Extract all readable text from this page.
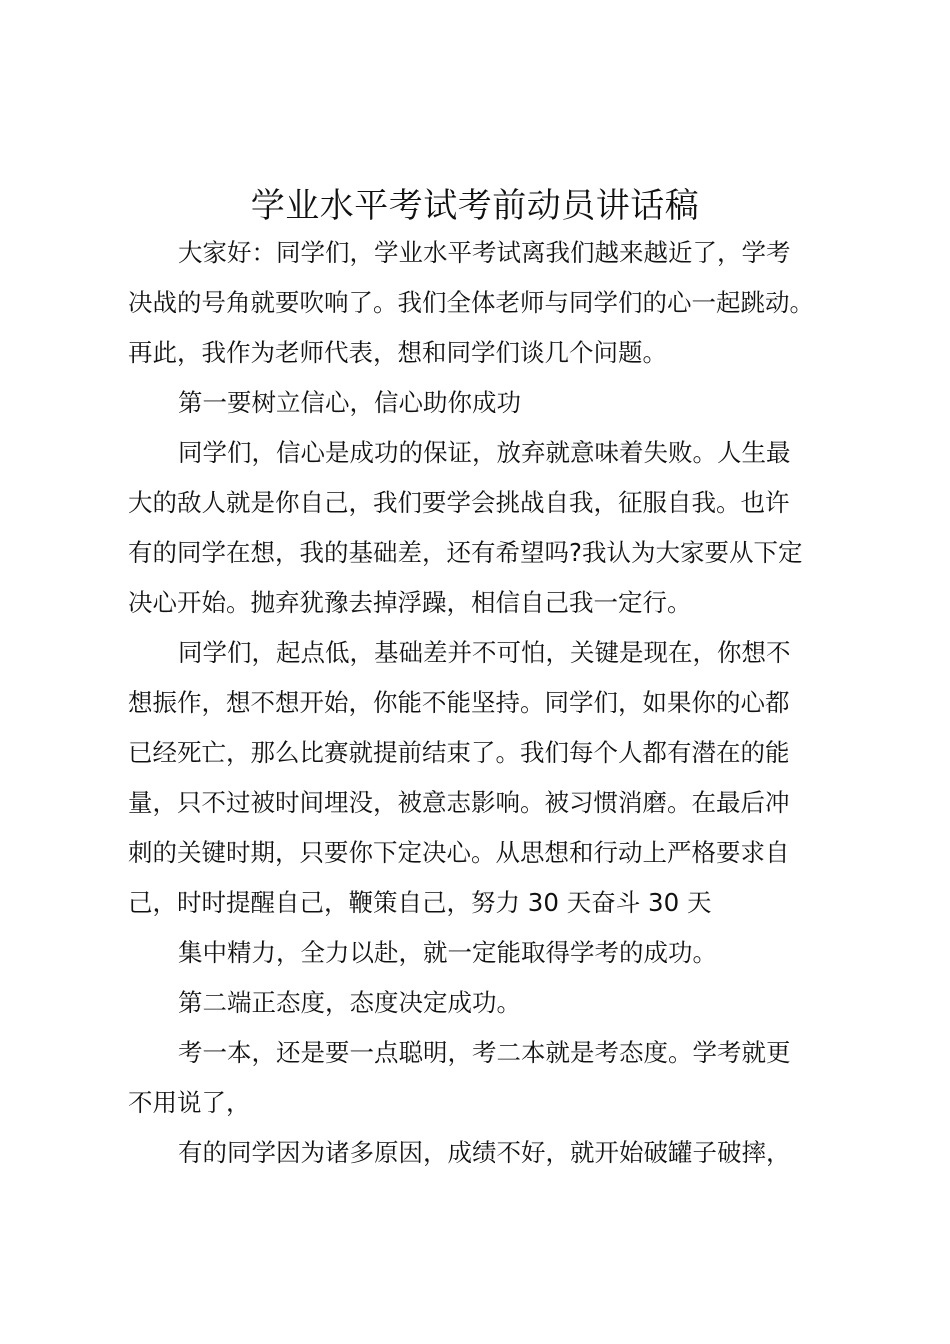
学业水平考试考前动员讲话稿

大家好：同学们，学业水平考试离我们越来越近了，学考

决战的号角就要吹响了。我们全体老师与同学们的心一起跳动。

再此，我作为老师代表，想和同学们谈几个问题。

第一要树立信心，信心助你成功

同学们，信心是成功的保证，放弃就意味着失败。人生最

大的敌人就是你自己，我们要学会挑战自我，征服自我。也许

有的同学在想，我的基础差，还有希望吗?我认为大家要从下定

决心开始。抛弃犹豫去掉浮躁，相信自己我一定行。

同学们，起点低，基础差并不可怕，关键是现在，你想不

想振作，想不想开始，你能不能坚持。同学们，如果你的心都

已经死亡，那么比赛就提前结束了。我们每个人都有潜在的能

量，只不过被时间埋没，被意志影响。被习惯消磨。在最后冲

刺的关键时期，只要你下定决心。从思想和行动上严格要求自

己，时时提醒自己，鞭策自己，努力 30 天奋斗 30 天

集中精力，全力以赴，就一定能取得学考的成功。

第二端正态度，态度决定成功。

考一本，还是要一点聪明，考二本就是考态度。学考就更

不用说了，

有的同学因为诸多原因，成绩不好，就开始破罐子破摔，
